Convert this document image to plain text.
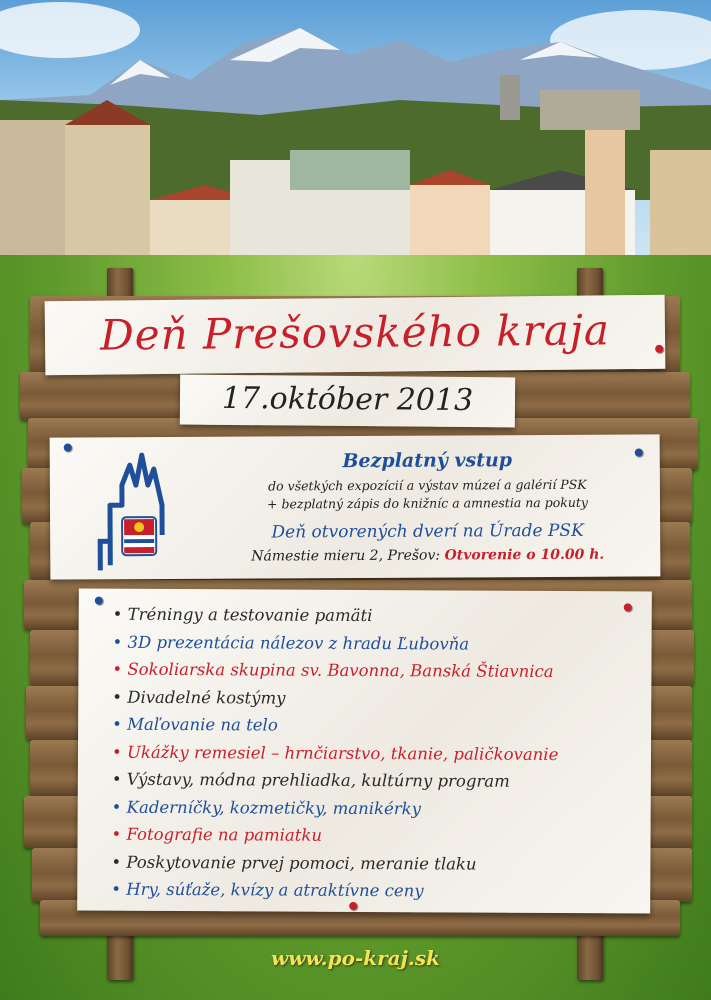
Deň Prešovského kraja
17.október 2013
Bezplatný vstup
do všetkých expozícií a výstav múzeí a galérií PSK
+ bezplatný zápis do knižníc a amnestia na pokuty
Deň otvorených dverí na Úrade PSK
Námestie mieru 2, Prešov: Otvorenie o 10.00 h.
• Tréningy a testovanie pamäti
• 3D prezentácia nálezov z hradu Ľubovňa
• Sokoliarska skupina sv. Bavonna, Banská Štiavnica
• Divadelné kostýmy
• Maľovanie na telo
• Ukážky remesiel – hrnčiarstvo, tkanie, paličkovanie
• Výstavy, módna prehliadka, kultúrny program
• Kaderníčky, kozmetičky, manikérky
• Fotografie na pamiatku
• Poskytovanie prvej pomoci, meranie tlaku
• Hry, súťaže, kvízy a atraktívne ceny
www.po-kraj.sk
